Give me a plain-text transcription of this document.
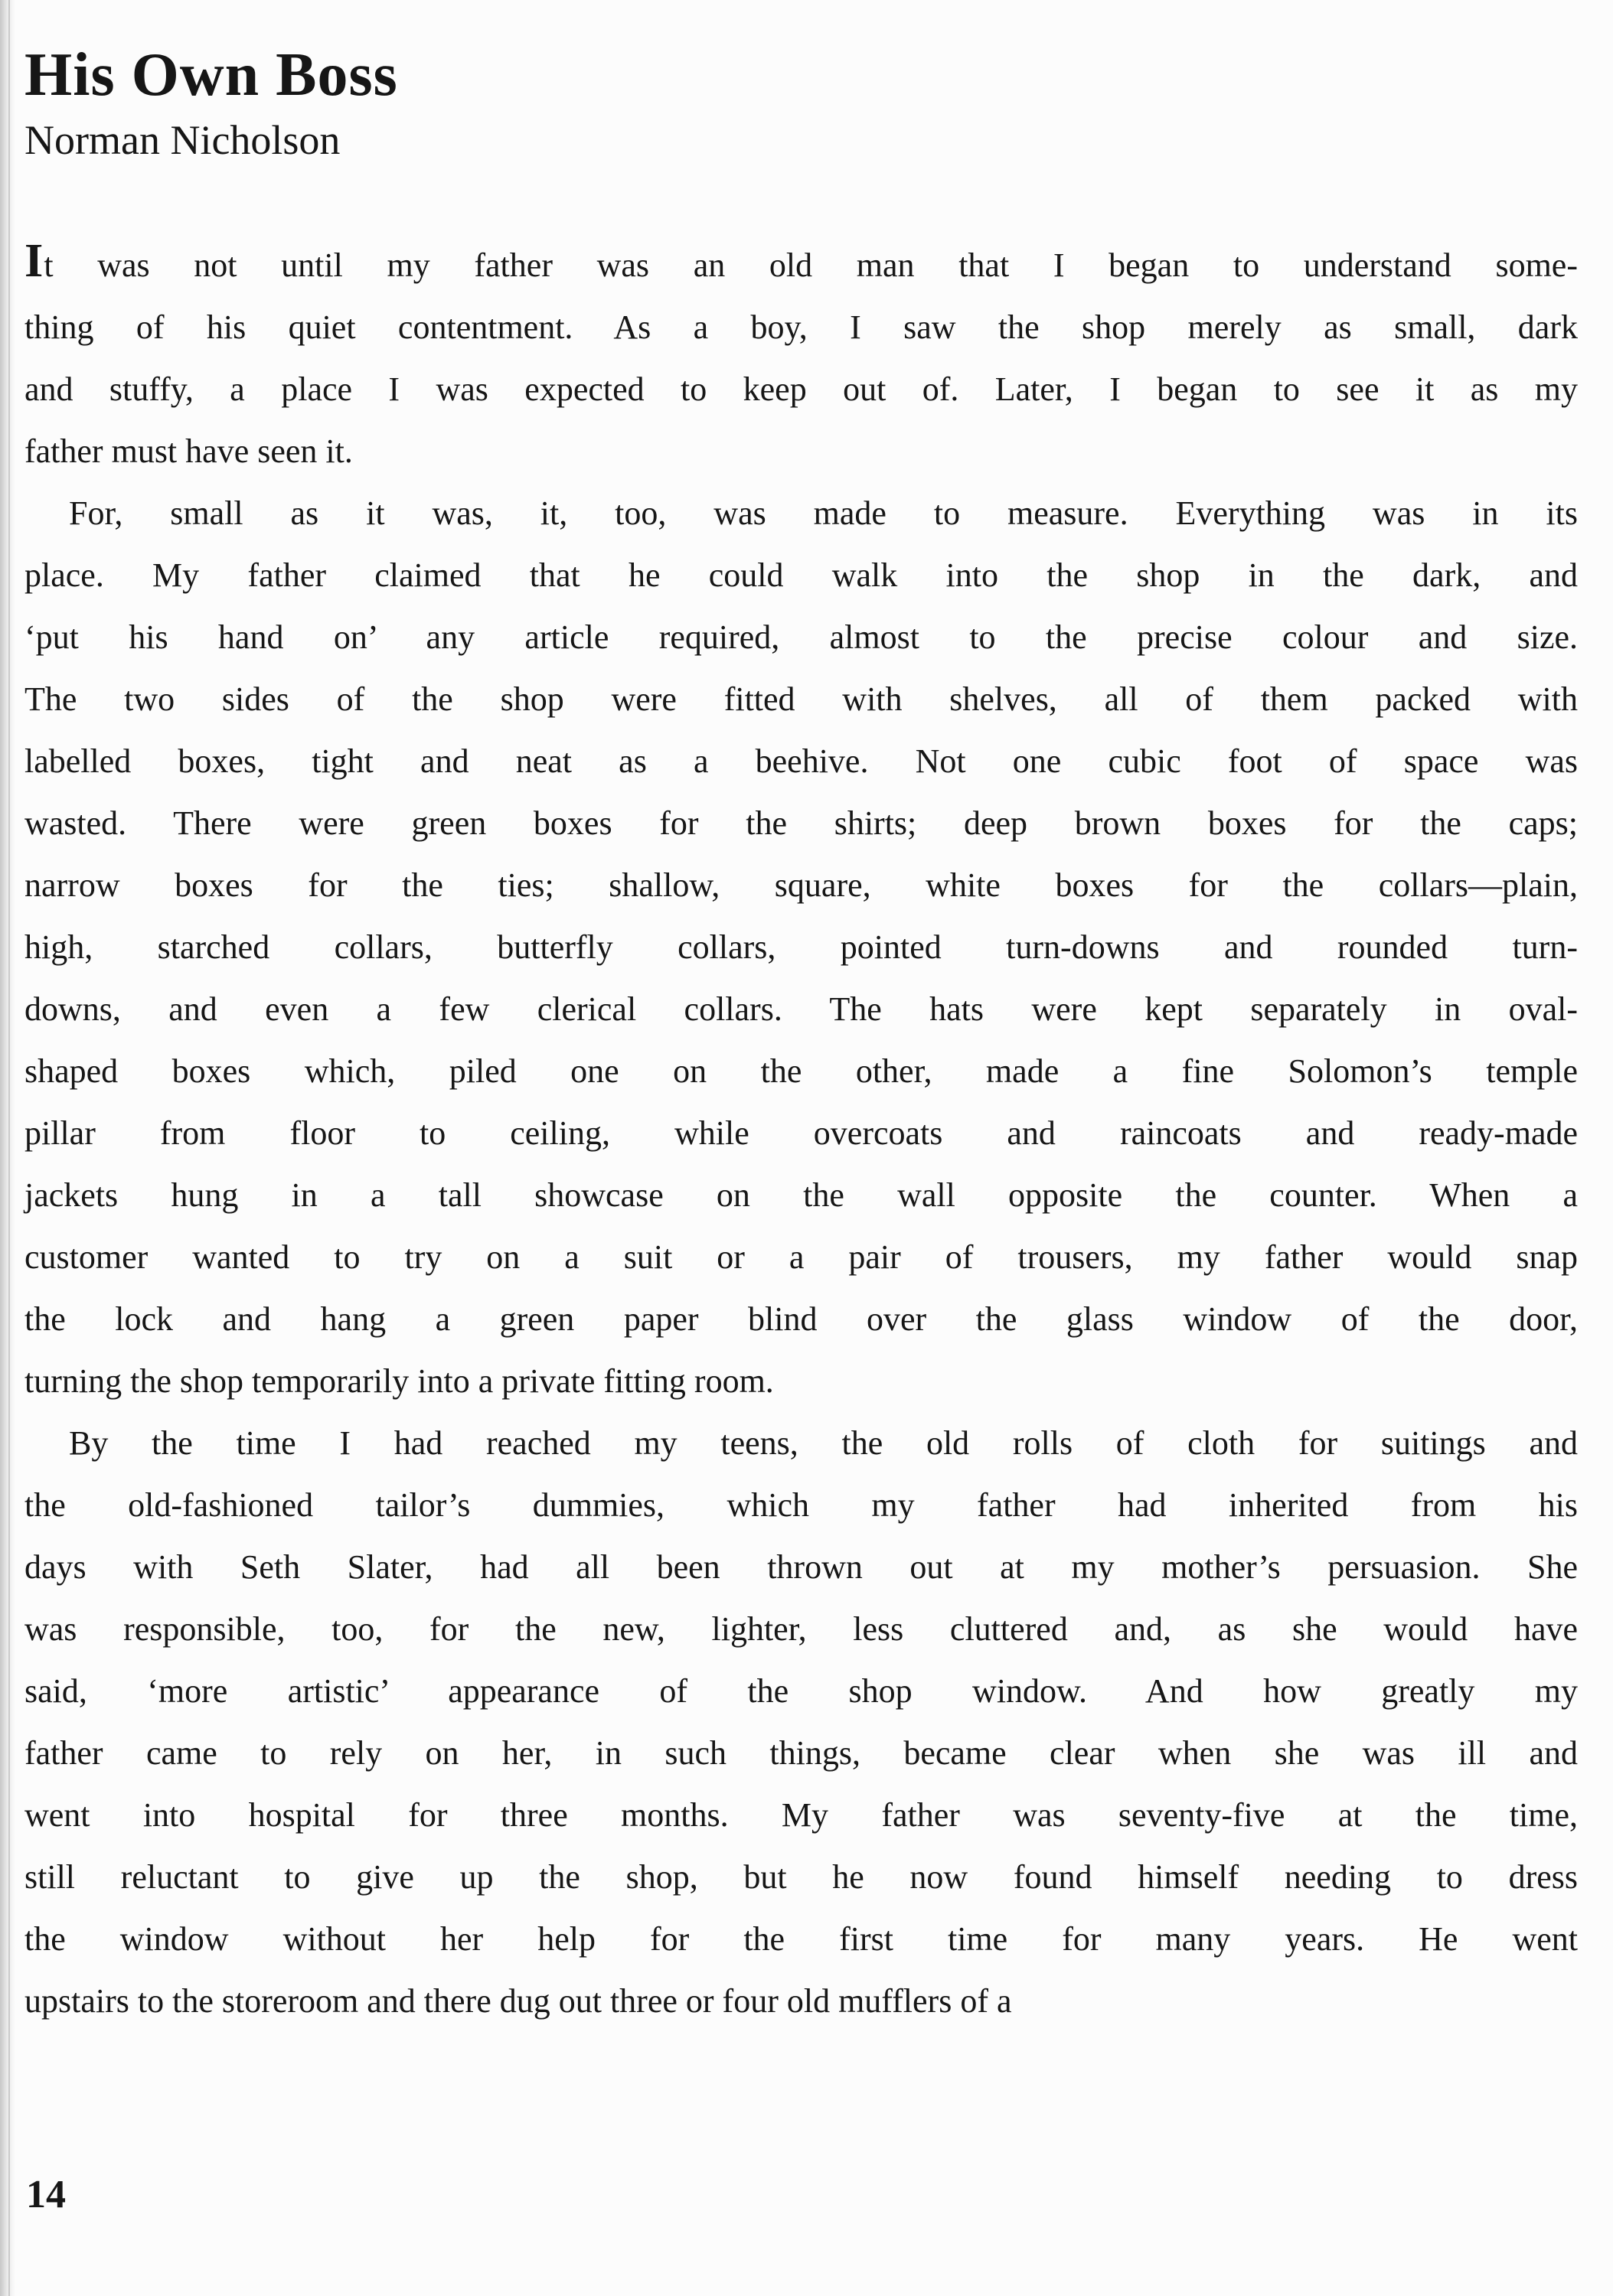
His Own Boss
Norman Nicholson
It was not until my father was an old man that I began to understand some-
thing of his quiet contentment. As a boy, I saw the shop merely as small, dark
and stuffy, a place I was expected to keep out of. Later, I began to see it as my
father must have seen it.
For, small as it was, it, too, was made to measure. Everything was in its
place. My father claimed that he could walk into the shop in the dark, and
‘put his hand on’ any article required, almost to the precise colour and size.
The two sides of the shop were fitted with shelves, all of them packed with
labelled boxes, tight and neat as a beehive. Not one cubic foot of space was
wasted. There were green boxes for the shirts; deep brown boxes for the caps;
narrow boxes for the ties; shallow, square, white boxes for the collars—plain,
high, starched collars, butterfly collars, pointed turn-downs and rounded turn-
downs, and even a few clerical collars. The hats were kept separately in oval-
shaped boxes which, piled one on the other, made a fine Solomon’s temple
pillar from floor to ceiling, while overcoats and raincoats and ready-made
jackets hung in a tall showcase on the wall opposite the counter. When a
customer wanted to try on a suit or a pair of trousers, my father would snap
the lock and hang a green paper blind over the glass window of the door,
turning the shop temporarily into a private fitting room.
By the time I had reached my teens, the old rolls of cloth for suitings and
the old-fashioned tailor’s dummies, which my father had inherited from his
days with Seth Slater, had all been thrown out at my mother’s persuasion. She
was responsible, too, for the new, lighter, less cluttered and, as she would have
said, ‘more artistic’ appearance of the shop window. And how greatly my
father came to rely on her, in such things, became clear when she was ill and
went into hospital for three months. My father was seventy-five at the time,
still reluctant to give up the shop, but he now found himself needing to dress
the window without her help for the first time for many years. He went
upstairs to the storeroom and there dug out three or four old mufflers of a
14
